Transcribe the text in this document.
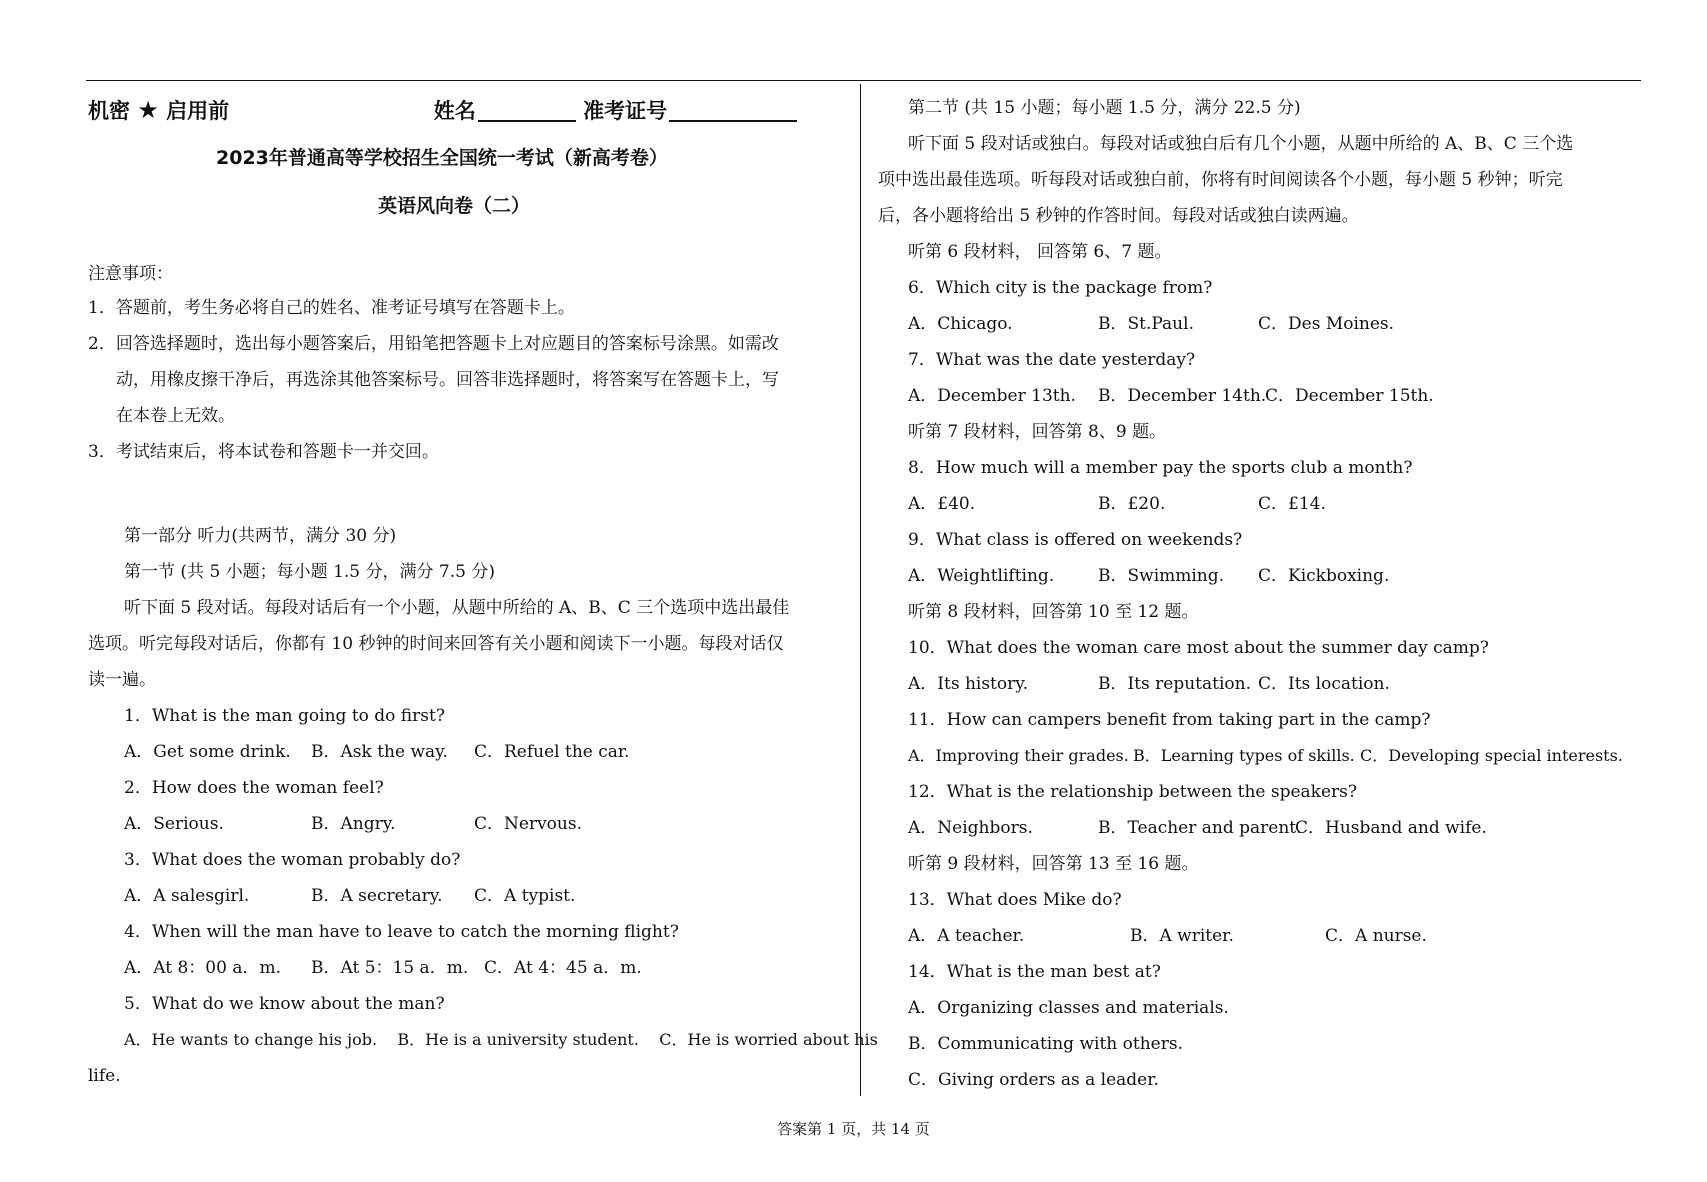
机密 ★ 启用前	姓名	准考证号
2023年普通高等学校招生全国统一考试（新高考卷）
英语风向卷（二）
注意事项：
1．答题前，考生务必将自己的姓名、准考证号填写在答题卡上。
2．回答选择题时，选出每小题答案后，用铅笔把答题卡上对应题目的答案标号涂黑。如需改
动，用橡皮擦干净后，再选涂其他答案标号。回答非选择题时，将答案写在答题卡上，写
在本卷上无效。
3．考试结束后，将本试卷和答题卡一并交回。
第一部分 听力(共两节，满分 30 分)
第一节 (共 5 小题；每小题 1.5 分，满分 7.5 分)
听下面 5 段对话。每段对话后有一个小题，从题中所给的 A、B、C 三个选项中选出最佳
选项。听完每段对话后，你都有 10 秒钟的时间来回答有关小题和阅读下一小题。每段对话仅
读一遍。
1．What is the man going to do first?
A．Get some drink. B．Ask the way. C．Refuel the car.
2．How does the woman feel?
A．Serious.	B．Angry.	C．Nervous.
3．What does the woman probably do?
A．A salesgirl.	B．A secretary. C．A typist.
4．When will the man have to leave to catch the morning flight?
A．At 8：00 a．m. B．At 5：15 a．m. C．At 4：45 a．m.
5．What do we know about the man?
A．He wants to change his job.    B．He is a university student.    C．He is worried about his
life.
第二节 (共 15 小题；每小题 1.5 分，满分 22.5 分)
听下面 5 段对话或独白。每段对话或独白后有几个小题，从题中所给的 A、B、C 三个选
项中选出最佳选项。听每段对话或独白前，你将有时间阅读各个小题，每小题 5 秒钟；听完
后，各小题将给出 5 秒钟的作答时间。每段对话或独白读两遍。
听第 6 段材料， 回答第 6、7 题。
6．Which city is the package from?
A．Chicago.	B．St.Paul.	C．Des Moines.
7．What was the date yesterday?
A．December 13th. B．December 14th.
C．December 15th.
听第 7 段材料，回答第 8、9 题。
8．How much will a member pay the sports club a month?
A．£40.	B．£20.	C．£14.
9．What class is offered on weekends?
A．Weightlifting.	B．Swimming. C．Kickboxing.
听第 8 段材料，回答第 10 至 12 题。
10．What does the woman care most about the summer day camp?
A．Its history.	B．Its reputation. C．Its location.
11．How can campers benefit from taking part in the camp?
A．Improving their grades. B．Learning types of skills. C．Developing special interests.
12．What is the relationship between the speakers?
A．Neighbors.	B．Teacher and parent.
C．Husband and wife.
听第 9 段材料，回答第 13 至 16 题。
13．What does Mike do?
A．A teacher.	B．A writer.	C．A nurse.
14．What is the man best at?
A．Organizing classes and materials.
B．Communicating with others.
C．Giving orders as a leader.
答案第 1 页，共 14 页
